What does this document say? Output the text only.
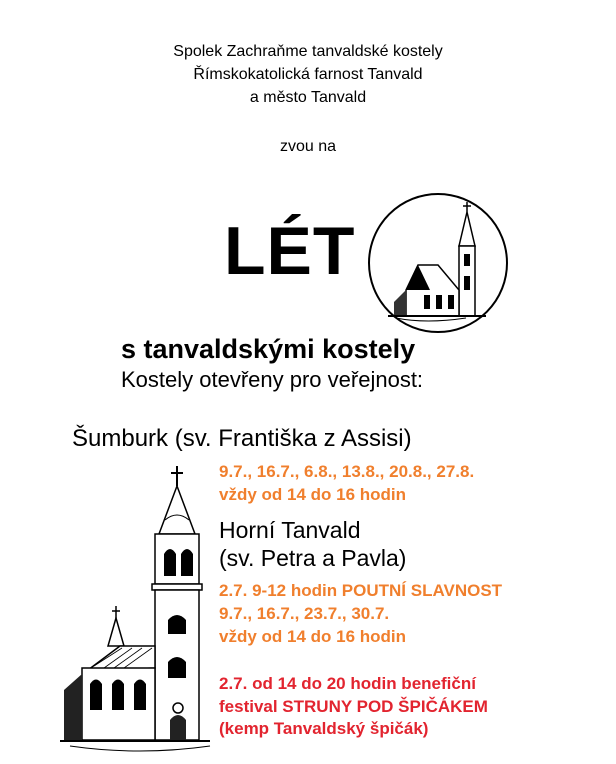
Spolek Zachraňme tanvaldské kostely
Římskokatolická farnost Tanvald
a město Tanvald
zvou na
LÉT
s tanvaldskými kostely
Kostely otevřeny pro veřejnost:
Šumburk (sv. Františka z Assisi)
9.7., 16.7., 6.8., 13.8., 20.8., 27.8.
vždy od 14 do 16 hodin
Horní Tanvald
(sv. Petra a Pavla)
2.7. 9-12 hodin POUTNÍ SLAVNOST
9.7., 16.7., 23.7., 30.7.
vždy od 14 do 16 hodin
2.7. od 14 do 20 hodin benefiční
festival STRUNY POD ŠPIČÁKEM
(kemp Tanvaldský špičák)
